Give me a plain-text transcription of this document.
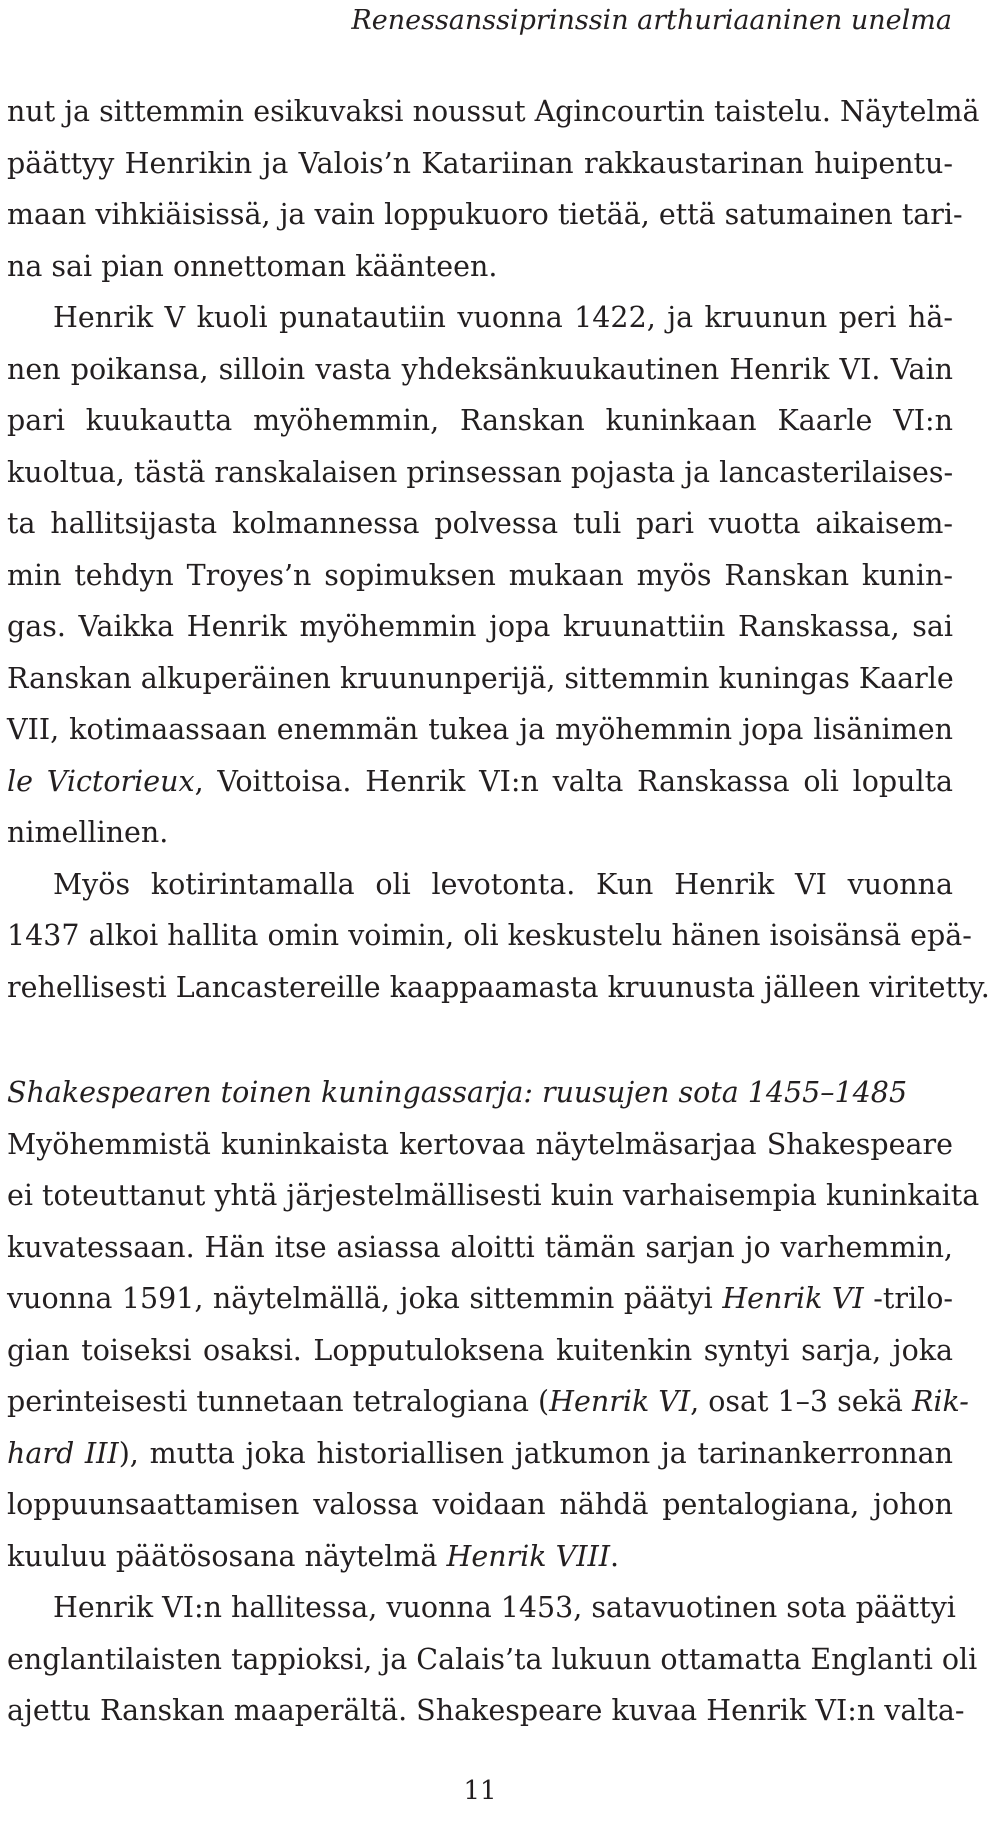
Renessanssiprinssin arthuriaaninen unelma
nut ja sittemmin esikuvaksi noussut Agincourtin taistelu. Näytelmä
päättyy Henrikin ja Valois’n Katariinan rakkaustarinan huipentu-
maan vihkiäisissä, ja vain loppukuoro tietää, että satumainen tari-
na sai pian onnettoman käänteen.
Henrik V kuoli punatautiin vuonna 1422, ja kruunun peri hä-
nen poikansa, silloin vasta yhdeksänkuukautinen Henrik VI. Vain
pari kuukautta myöhemmin, Ranskan kuninkaan Kaarle VI:n
kuoltua, tästä ranskalaisen prinsessan pojasta ja lancasterilaises-
ta hallitsijasta kolmannessa polvessa tuli pari vuotta aikaisem-
min tehdyn Troyes’n sopimuksen mukaan myös Ranskan kunin-
gas. Vaikka Henrik myöhemmin jopa kruunattiin Ranskassa, sai
Ranskan alkuperäinen kruununperijä, sittemmin kuningas Kaarle
VII, kotimaassaan enemmän tukea ja myöhemmin jopa lisänimen
le Victorieux, Voittoisa. Henrik VI:n valta Ranskassa oli lopulta
nimellinen.
Myös kotirintamalla oli levotonta. Kun Henrik VI vuonna
1437 alkoi hallita omin voimin, oli keskustelu hänen isoisänsä epä-
rehellisesti Lancastereille kaappaamasta kruunusta jälleen viritetty.
Shakespearen toinen kuningassarja: ruusujen sota 1455–1485
Myöhemmistä kuninkaista kertovaa näytelmäsarjaa Shakespeare
ei toteuttanut yhtä järjestelmällisesti kuin varhaisempia kuninkaita
kuvatessaan. Hän itse asiassa aloitti tämän sarjan jo varhemmin,
vuonna 1591, näytelmällä, joka sittemmin päätyi Henrik VI -trilo-
gian toiseksi osaksi. Lopputuloksena kuitenkin syntyi sarja, joka
perinteisesti tunnetaan tetralogiana (Henrik VI, osat 1–3 sekä Rik-
hard III), mutta joka historiallisen jatkumon ja tarinankerronnan
loppuunsaattamisen valossa voidaan nähdä pentalogiana, johon
kuuluu päätösosana näytelmä Henrik VIII.
Henrik VI:n hallitessa, vuonna 1453, satavuotinen sota päättyi
englantilaisten tappioksi, ja Calais’ta lukuun ottamatta Englanti oli
ajettu Ranskan maaperältä. Shakespeare kuvaa Henrik VI:n valta-
11
